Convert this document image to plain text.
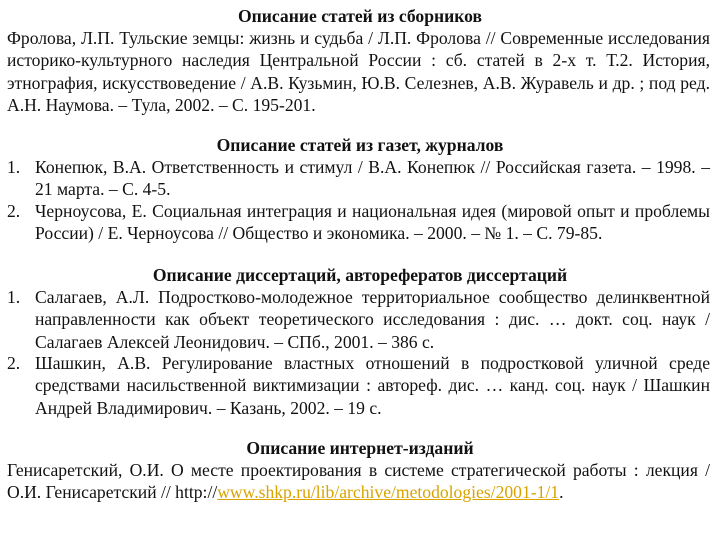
Описание статей из сборников
Фролова, Л.П. Тульские земцы: жизнь и судьба / Л.П. Фролова // Современные исследования историко-культурного наследия Центральной России : сб. статей в 2-х т. Т.2. История, этнография, искусствоведение / А.В. Кузьмин, Ю.В. Селезнев, А.В. Журавель и др. ; под ред. А.Н. Наумова. – Тула, 2002. – С. 195-201.
Описание статей из газет, журналов
1. Конепюк, В.А. Ответственность и стимул / В.А. Конепюк // Российская газета. – 1998. – 21 марта. – С. 4-5.
2. Черноусова, Е. Социальная интеграция и национальная идея (мировой опыт и проблемы России) / Е. Черноусова // Общество и экономика. – 2000. – № 1. – С. 79-85.
Описание диссертаций, авторефератов диссертаций
1. Салагаев, А.Л. Подростково-молодежное территориальное сообщество делинквентной направленности как объект теоретического исследования : дис. … докт. соц. наук / Салагаев Алексей Леонидович. – СПб., 2001. – 386 с.
2. Шашкин, А.В. Регулирование властных отношений в подростковой уличной среде средствами насильственной виктимизации : автореф. дис. … канд. соц. наук / Шашкин Андрей Владимирович. – Казань, 2002. – 19 с.
Описание интернет-изданий
Генисаретский, О.И. О месте проектирования в системе стратегической работы : лекция / О.И. Генисаретский // http://www.shkp.ru/lib/archive/metodologies/2001-1/1.
